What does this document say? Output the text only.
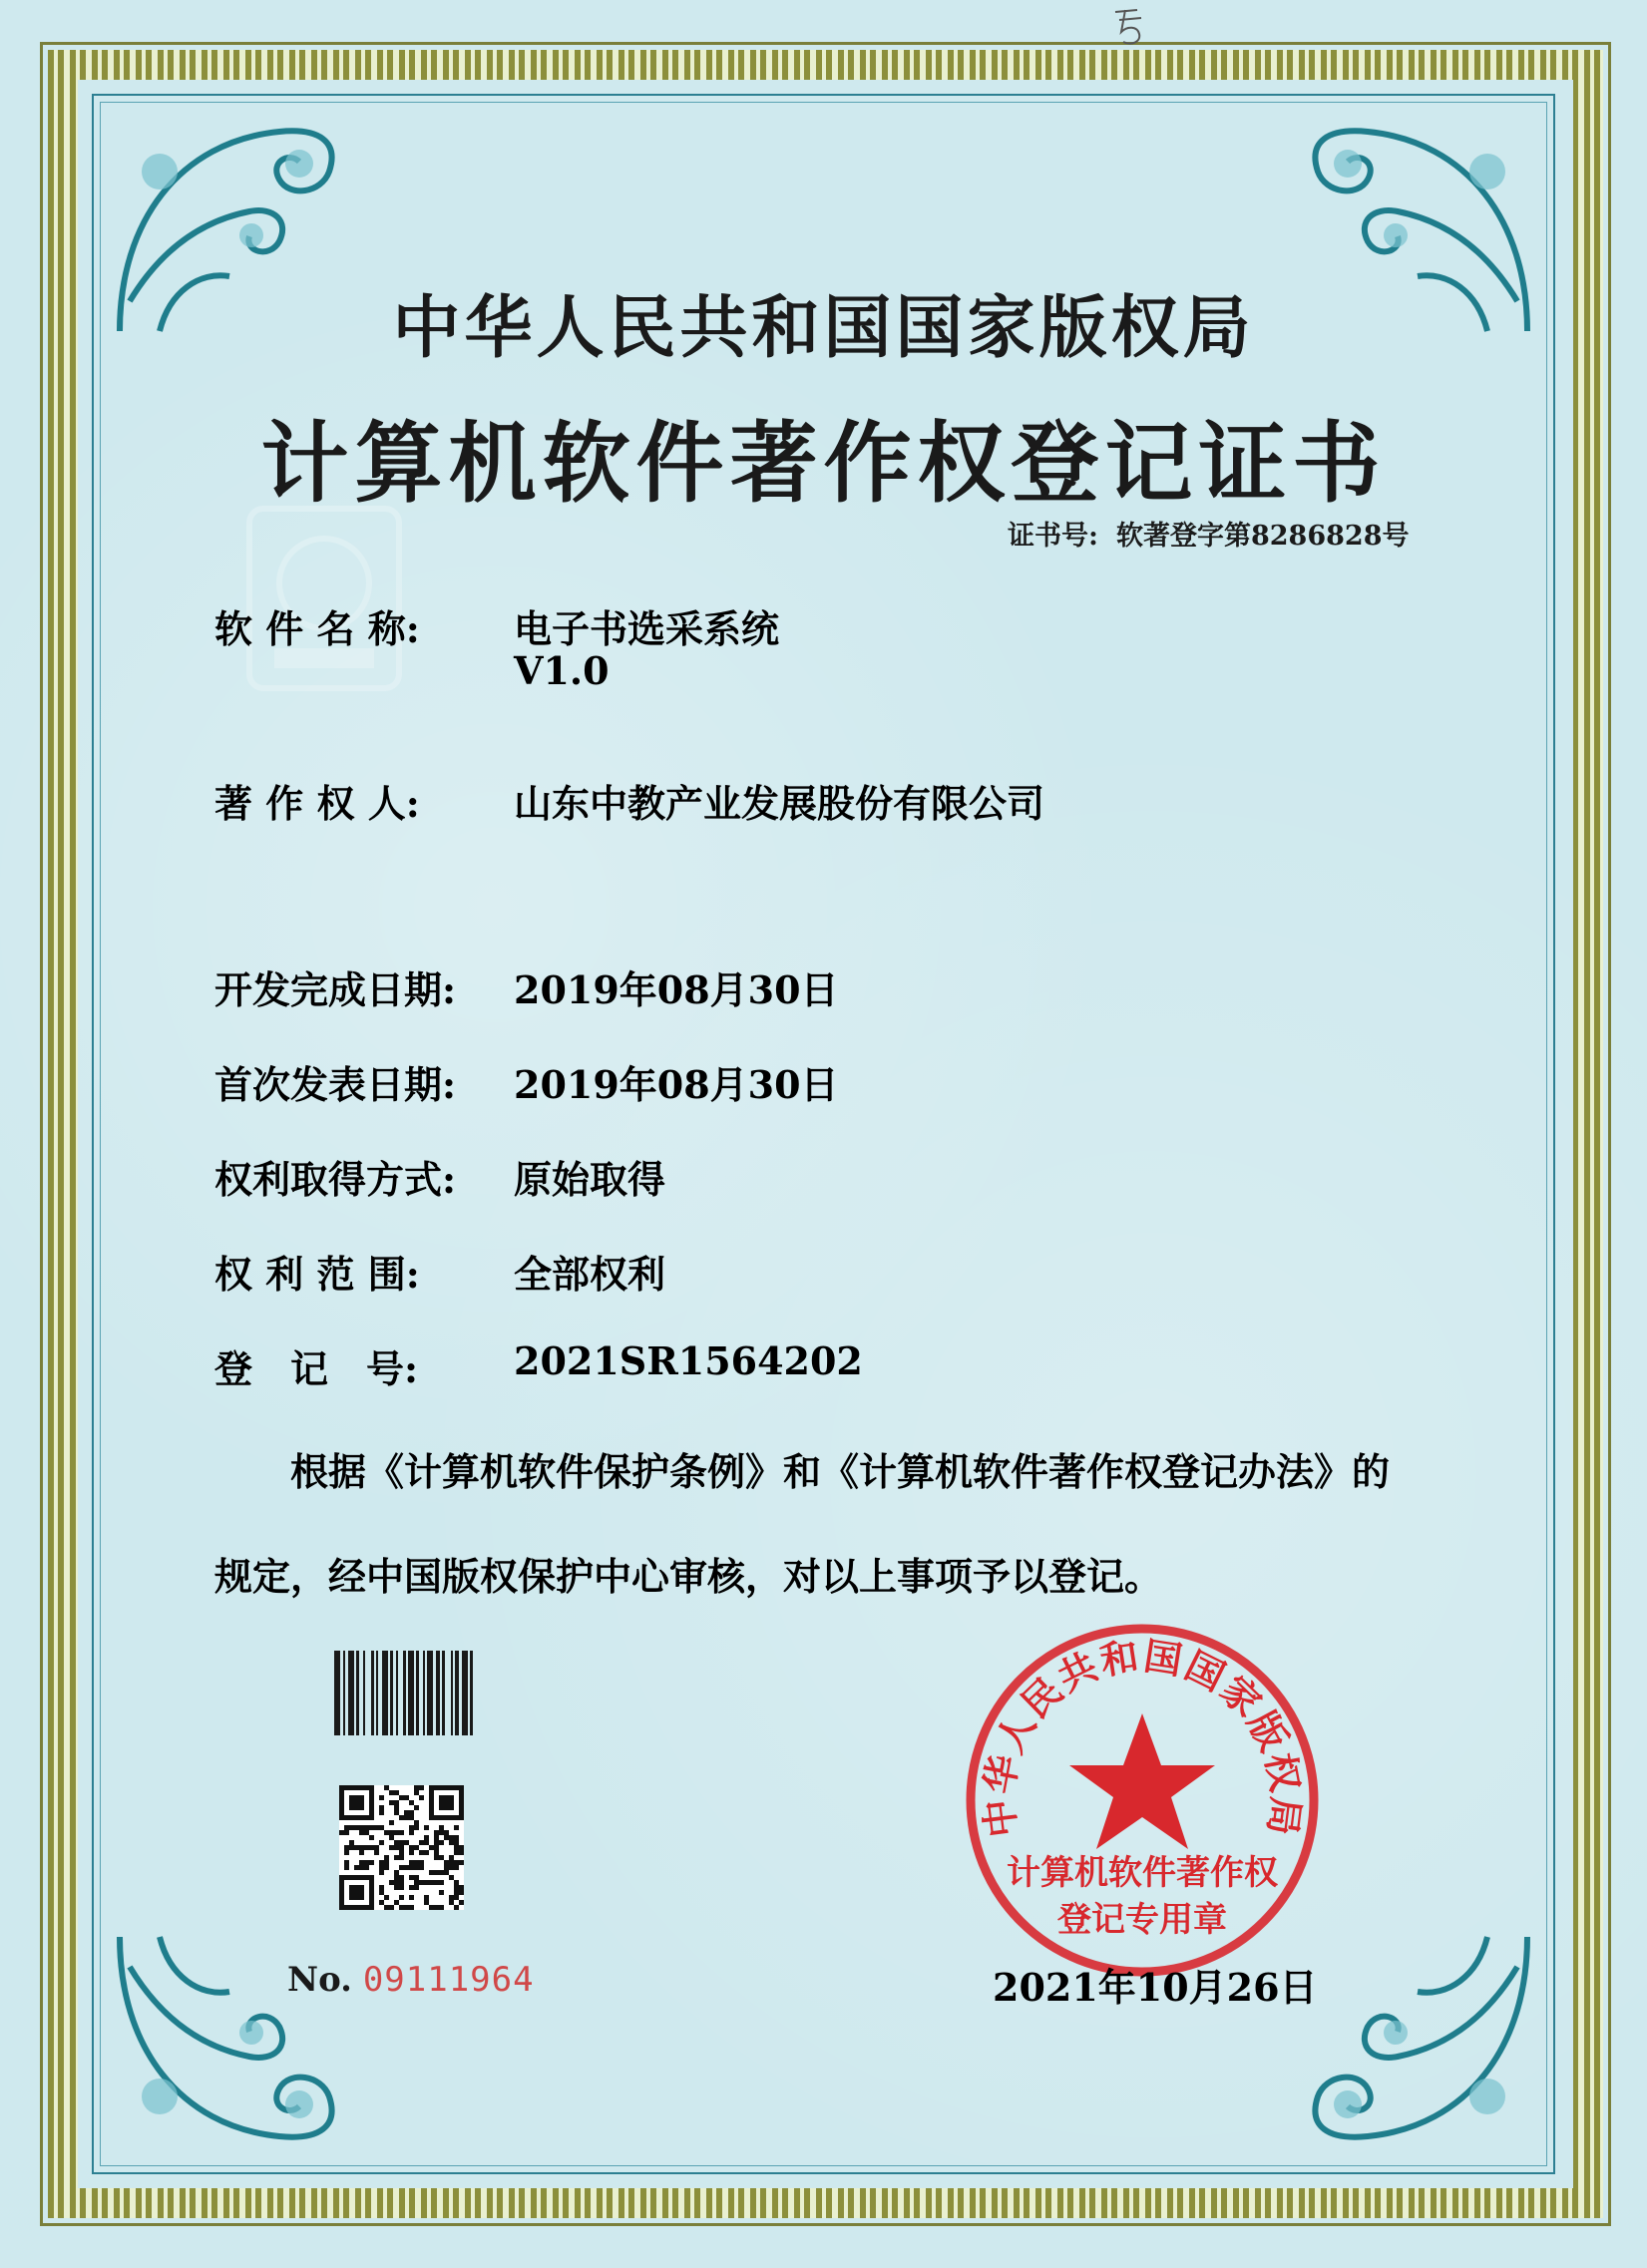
中华人民共和国国家版权局
计算机软件著作权登记证书
证书号: 软著登字第8286828号
软 件 名 称: 电子书选采系统
V1.0
著 作 权 人: 山东中教产业发展股份有限公司
开发完成日期: 2019年08月30日
首次发表日期: 2019年08月30日
权利取得方式: 原始取得
权 利 范 围: 全部权利
登　记　号:	2021SR1564202
根据《计算机软件保护条例》和《计算机软件著作权登记办法》的
规定，经中国版权保护中心审核，对以上事项予以登记。
No. 09111964
中华人民共和国国家版权局
计算机软件著作权
登记专用章
2021年10月26日
